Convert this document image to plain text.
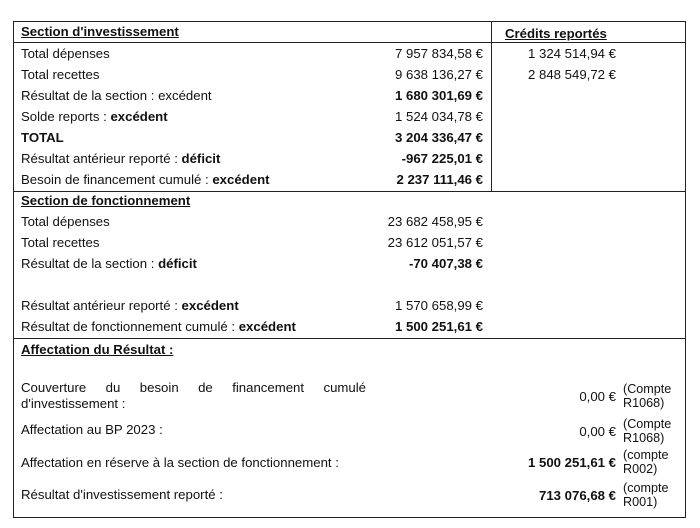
Section d'investissement	Crédits reportés
Total dépenses	7 957 834,58 €	1 324 514,94 €
Total recettes	9 638 136,27 €	2 848 549,72 €
Résultat de la section : excédent	1 680 301,69 €
Solde reports : excédent	1 524 034,78 €
TOTAL	3 204 336,47 €
Résultat antérieur reporté : déficit	-967 225,01 €
Besoin de financement cumulé : excédent	2 237 111,46 €
Section de fonctionnement
Total dépenses	23 682 458,95 €
Total recettes	23 612 051,57 €
Résultat de la section : déficit	-70 407,38 €
Résultat antérieur reporté : excédent	1 570 658,99 €
Résultat de fonctionnement cumulé : excédent	1 500 251,61 €
Affectation du Résultat :
Couverture du besoin de financement cumulé
d'investissement :	0,00 € (Compte
R1068)
Affectation au BP 2023 :	0,00 € (Compte
R1068)
Affectation en réserve à la section de fonctionnement :	1 500 251,61 € (compte
R002)
Résultat d'investissement reporté :	713 076,68 € (compte
R001)
